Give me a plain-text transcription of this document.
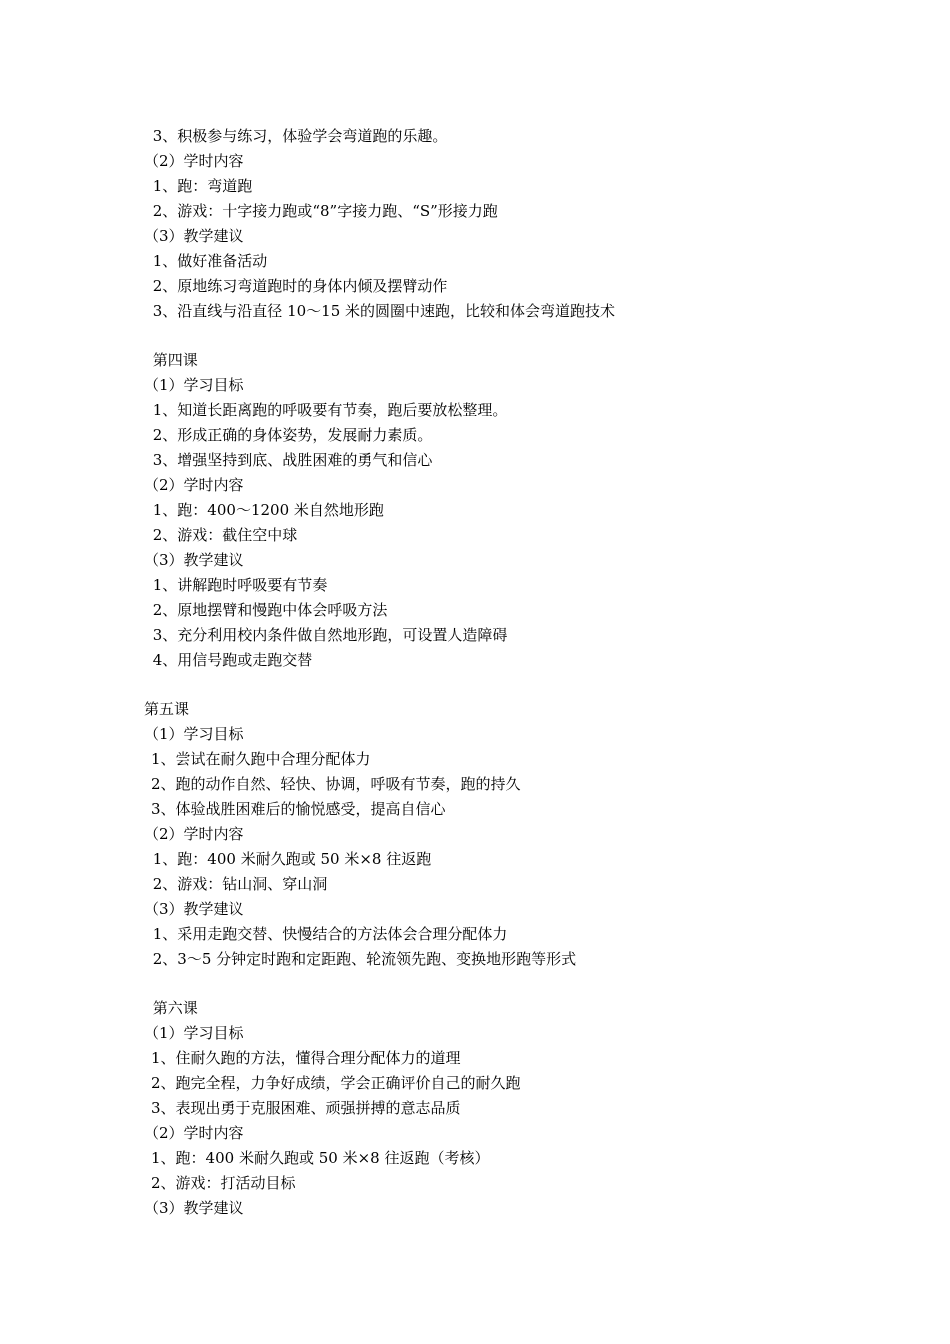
3、积极参与练习，体验学会弯道跑的乐趣。
（2）学时内容
1、跑：弯道跑
2、游戏：十字接力跑或“8”字接力跑、“S”形接力跑
（3）教学建议
1、做好准备活动
2、原地练习弯道跑时的身体内倾及摆臂动作
3、沿直线与沿直径 10～15 米的圆圈中速跑，比较和体会弯道跑技术
第四课
（1）学习目标
1、知道长距离跑的呼吸要有节奏，跑后要放松整理。
2、形成正确的身体姿势，发展耐力素质。
3、增强坚持到底、战胜困难的勇气和信心
（2）学时内容
1、跑：400～1200 米自然地形跑
2、游戏：截住空中球
（3）教学建议
1、讲解跑时呼吸要有节奏
2、原地摆臂和慢跑中体会呼吸方法
3、充分利用校内条件做自然地形跑，可设置人造障碍
4、用信号跑或走跑交替
第五课
（1）学习目标
1、尝试在耐久跑中合理分配体力
2、跑的动作自然、轻快、协调，呼吸有节奏，跑的持久
3、体验战胜困难后的愉悦感受，提高自信心
（2）学时内容
1、跑：400 米耐久跑或 50 米×8 往返跑
2、游戏：钻山洞、穿山洞
（3）教学建议
1、采用走跑交替、快慢结合的方法体会合理分配体力
2、3～5 分钟定时跑和定距跑、轮流领先跑、变换地形跑等形式
第六课
（1）学习目标
1、住耐久跑的方法，懂得合理分配体力的道理
2、跑完全程，力争好成绩，学会正确评价自己的耐久跑
3、表现出勇于克服困难、顽强拼搏的意志品质
（2）学时内容
1、跑：400 米耐久跑或 50 米×8 往返跑（考核）
2、游戏：打活动目标
（3）教学建议
